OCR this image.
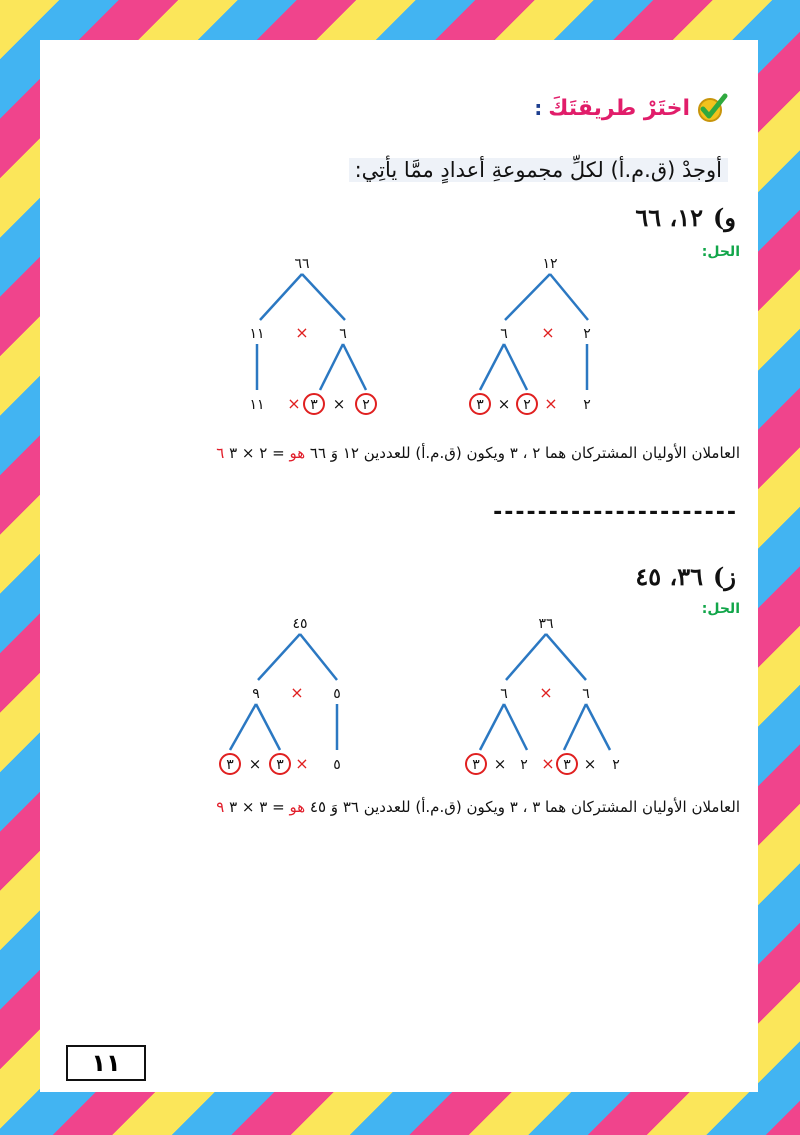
اختَرْ طريقتَكَ
:
أوجدْ (ق.م.أ) لكلِّ مجموعةِ أعدادٍ ممَّا يأتِي:
و)
١٢، ٦٦
الحل:
٦٦
١١ × ٦
١١ × ٣ × ٢
١٢
٦ × ٢
٣ × ٢ × ٢
العاملان الأوليان المشتركان هما ٢ ، ٣ ويكون (ق.م.أ) للعددين ١٢ وَ ٦٦ هو ٢ × ٣ = ٦
----------------------
ز)
٣٦، ٤٥
الحل:
٤٥
٩ × ٥
٣ × ٣ × ٥
٣٦
٦ × ٦
٣ × ٢ × ٣ × ٢
العاملان الأوليان المشتركان هما ٣ ، ٣ ويكون (ق.م.أ) للعددين ٣٦ وَ ٤٥ هو ٣ × ٣ = ٩
١١
